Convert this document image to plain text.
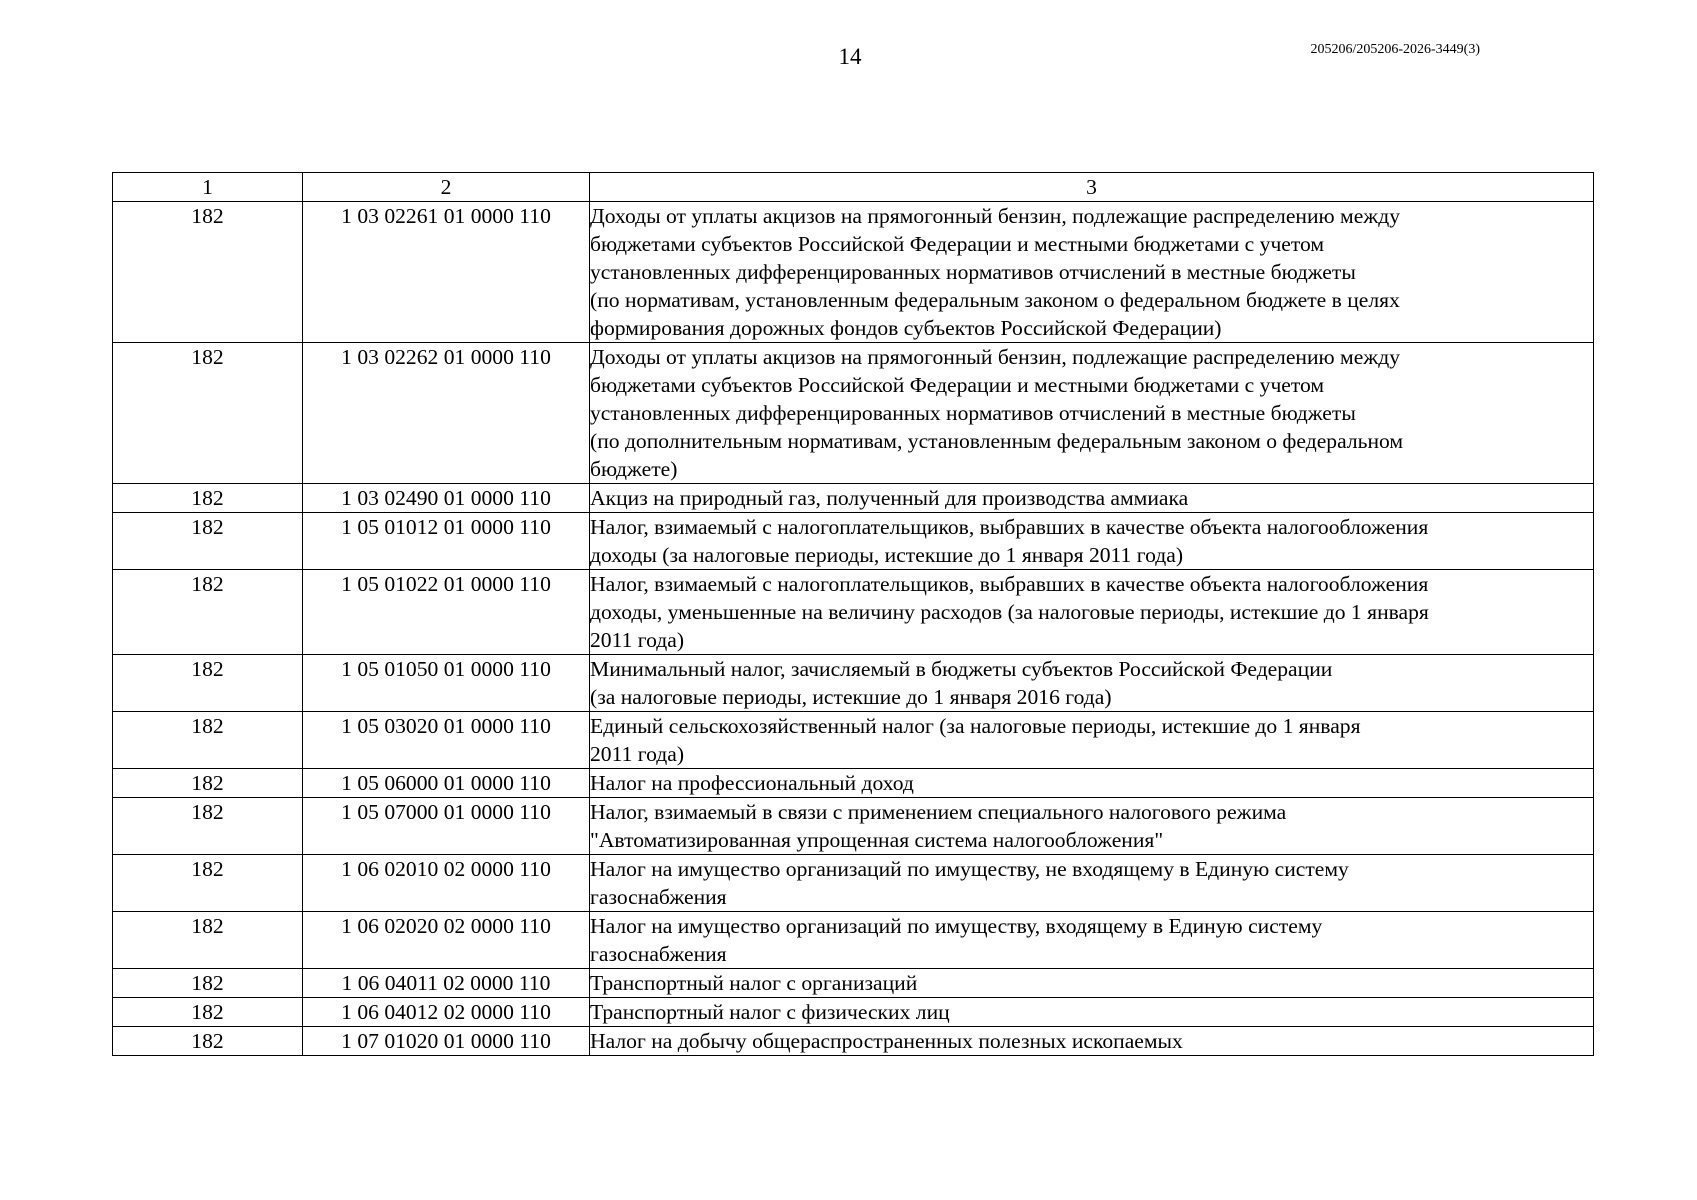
14	205206/205206-2026-3449(3)
1	2	3
182	1 03 02261 01 0000 110	Доходы от уплаты акцизов на прямогонный бензин, подлежащие распределению между
бюджетами субъектов Российской Федерации и местными бюджетами с учетом
установленных дифференцированных нормативов отчислений в местные бюджеты
(по нормативам, установленным федеральным законом о федеральном бюджете в целях
формирования дорожных фондов субъектов Российской Федерации)

182	1 03 02262 01 0000 110	Доходы от уплаты акцизов на прямогонный бензин, подлежащие распределению между
бюджетами субъектов Российской Федерации и местными бюджетами с учетом
установленных дифференцированных нормативов отчислений в местные бюджеты
(по дополнительным нормативам, установленным федеральным законом о федеральном
бюджете)

182	1 03 02490 01 0000 110	Акциз на природный газ, полученный для производства аммиака

182	1 05 01012 01 0000 110	Налог, взимаемый с налогоплательщиков, выбравших в качестве объекта налогообложения
доходы (за налоговые периоды, истекшие до 1 января 2011 года)

182	1 05 01022 01 0000 110	Налог, взимаемый с налогоплательщиков, выбравших в качестве объекта налогообложения
доходы, уменьшенные на величину расходов (за налоговые периоды, истекшие до 1 января
2011 года)

182	1 05 01050 01 0000 110	Минимальный налог, зачисляемый в бюджеты субъектов Российской Федерации
(за налоговые периоды, истекшие до 1 января 2016 года)

182	1 05 03020 01 0000 110	Единый сельскохозяйственный налог (за налоговые периоды, истекшие до 1 января
2011 года)

182	1 05 06000 01 0000 110	Налог на профессиональный доход

182	1 05 07000 01 0000 110	Налог, взимаемый в связи с применением специального налогового режима
"Автоматизированная упрощенная система налогообложения"

182	1 06 02010 02 0000 110	Налог на имущество организаций по имуществу, не входящему в Единую систему
газоснабжения

182	1 06 02020 02 0000 110	Налог на имущество организаций по имуществу, входящему в Единую систему
газоснабжения

182	1 06 04011 02 0000 110	Транспортный налог с организаций

182	1 06 04012 02 0000 110	Транспортный налог с физических лиц

182	1 07 01020 01 0000 110	Налог на добычу общераспространенных полезных ископаемых
